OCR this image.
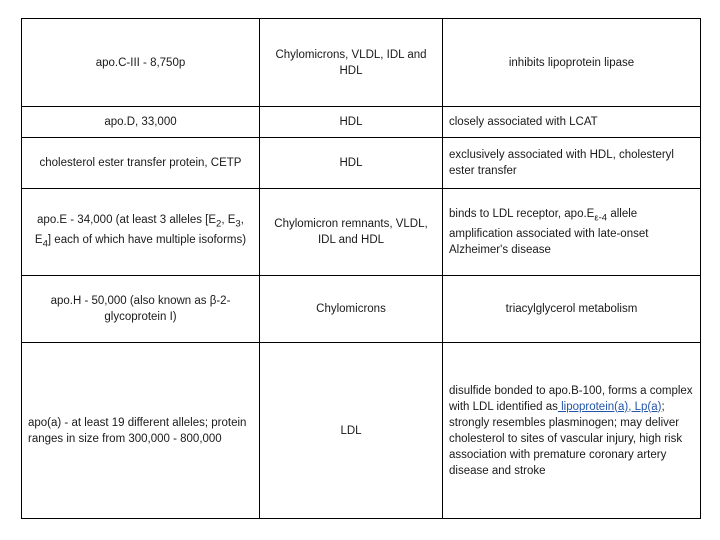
apo.C-III - 8,750p	Chylomicrons, VLDL, IDL and HDL	inhibits lipoprotein lipase
apo.D, 33,000	HDL	closely associated with LCAT
cholesterol ester transfer protein, CETP	HDL	exclusively associated with HDL, cholesteryl ester transfer
apo.E - 34,000 (at least 3 alleles [$E_2$, $E_3$, $E_4$] each of which have multiple isoforms)	Chylomicron remnants, VLDL, IDL and HDL	binds to LDL receptor, $apo.E_{\varepsilon-4}$ allele amplification associated with late-onset Alzheimer's disease
apo.H - 50,000 (also known as β-2-glycoprotein I)	Chylomicrons	triacylglycerol metabolism
apo(a) - at least 19 different alleles; protein ranges in size from 300,000 - 800,000	LDL	disulfide bonded to apo.B-100, forms a complex with LDL identified as lipoprotein(a), Lp(a); strongly resembles plasminogen; may deliver cholesterol to sites of vascular injury, high risk association with premature coronary artery disease and stroke
